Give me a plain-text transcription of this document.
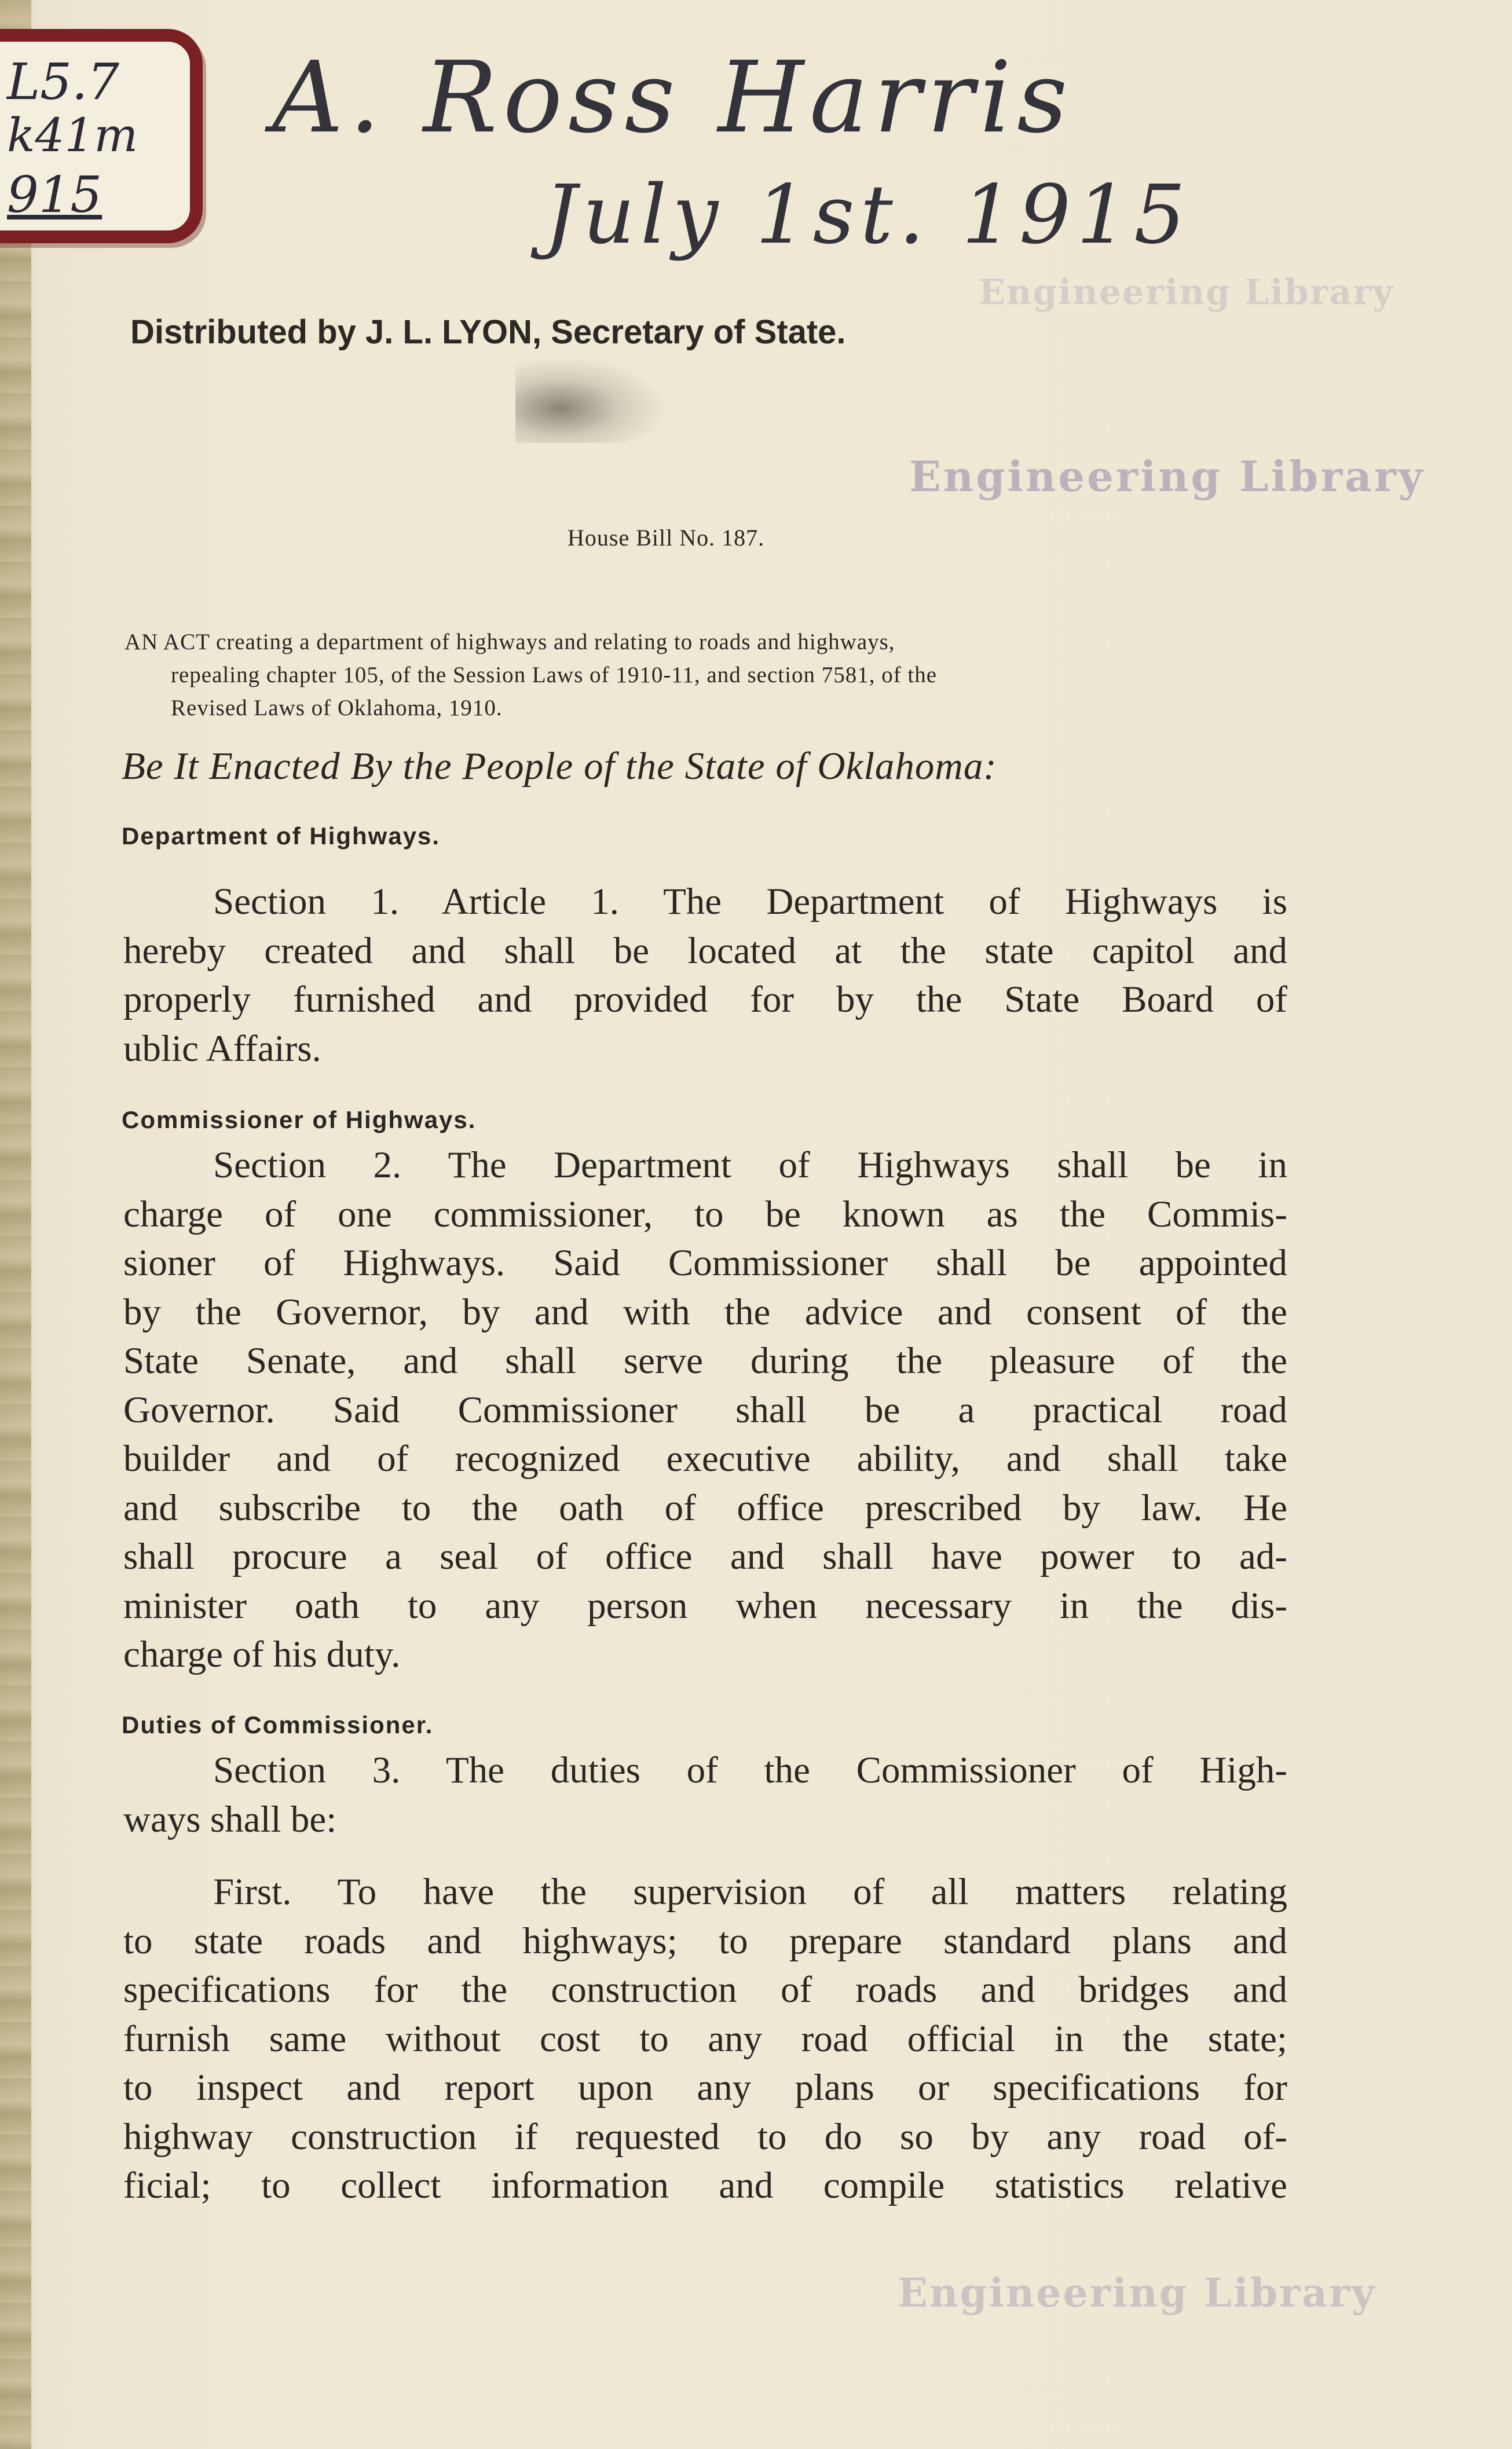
L5.7
k41m
915
A. Ross Harris
July 1st. 1915
Engineering Library
Distributed by J. L. LYON, Secretary of State.
Engineering Library
House Bill No. 187.
AN ACT creating a department of highways and relating to roads and highways,
repealing chapter 105, of the Session Laws of 1910-11, and section 7581, of the
Revised Laws of Oklahoma, 1910.
Be It Enacted By the People of the State of Oklahoma:
Department of Highways.
Section 1. Article 1. The Department of Highways is
hereby created and shall be located at the state capitol and
properly furnished and provided for by the State Board of
ublic Affairs.
Commissioner of Highways.
Section 2. The Department of Highways shall be in
charge of one commissioner, to be known as the Commis-
sioner of Highways. Said Commissioner shall be appointed
by the Governor, by and with the advice and consent of the
State Senate, and shall serve during the pleasure of the
Governor. Said Commissioner shall be a practical road
builder and of recognized executive ability, and shall take
and subscribe to the oath of office prescribed by law. He
shall procure a seal of office and shall have power to ad-
minister oath to any person when necessary in the dis-
charge of his duty.
Duties of Commissioner.
Section 3. The duties of the Commissioner of High-
ways shall be:
First. To have the supervision of all matters relating
to state roads and highways; to prepare standard plans and
specifications for the construction of roads and bridges and
furnish same without cost to any road official in the state;
to inspect and report upon any plans or specifications for
highway construction if requested to do so by any road of-
ficial; to collect information and compile statistics relative
Engineering Library
